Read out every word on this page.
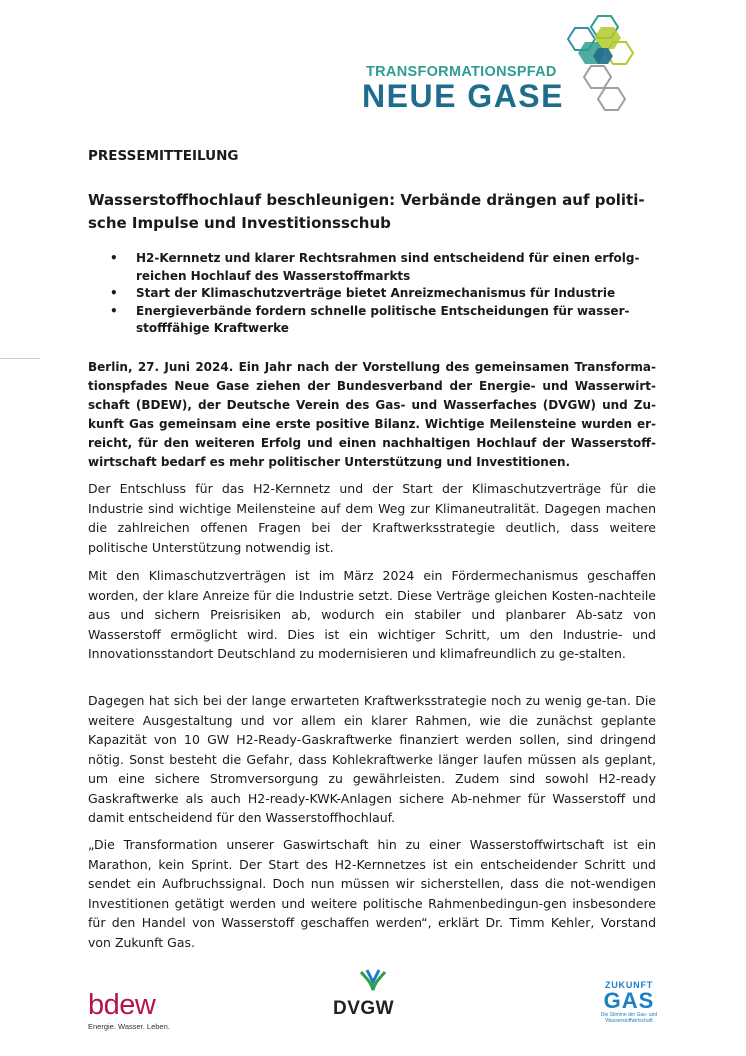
TRANSFORMATIONSPFAD
NEUE GASE
PRESSEMITTEILUNG
Wasserstoffhochlauf beschleunigen: Verbände drängen auf politi-
sche Impulse und Investitionsschub
• H2-Kernnetz und klarer Rechtsrahmen sind entscheidend für einen erfolg-
reichen Hochlauf des Wasserstoffmarkts
• Start der Klimaschutzverträge bietet Anreizmechanismus für Industrie
• Energieverbände fordern schnelle politische Entscheidungen für wasser-
stofffähige Kraftwerke

Berlin, 27. Juni 2024. Ein Jahr nach der Vorstellung des gemeinsamen Transforma-tionspfades Neue Gase ziehen der Bundesverband der Energie- und Wasserwirt-schaft (BDEW), der Deutsche Verein des Gas- und Wasserfaches (DVGW) und Zu-kunft Gas gemeinsam eine erste positive Bilanz. Wichtige Meilensteine wurden er-reicht, für den weiteren Erfolg und einen nachhaltigen Hochlauf der Wasserstoff-wirtschaft bedarf es mehr politischer Unterstützung und Investitionen.

Der Entschluss für das H2-Kernnetz und der Start der Klimaschutzverträge für die Industrie sind wichtige Meilensteine auf dem Weg zur Klimaneutralität. Dagegen machen die zahlreichen offenen Fragen bei der Kraftwerksstrategie deutlich, dass weitere politische Unterstützung notwendig ist.

Mit den Klimaschutzverträgen ist im März 2024 ein Fördermechanismus geschaffen worden, der klare Anreize für die Industrie setzt. Diese Verträge gleichen Kosten-nachteile aus und sichern Preisrisiken ab, wodurch ein stabiler und planbarer Ab-satz von Wasserstoff ermöglicht wird. Dies ist ein wichtiger Schritt, um den Industrie- und Innovationsstandort Deutschland zu modernisieren und klimafreundlich zu ge-stalten.

Dagegen hat sich bei der lange erwarteten Kraftwerksstrategie noch zu wenig ge-tan. Die weitere Ausgestaltung und vor allem ein klarer Rahmen, wie die zunächst geplante Kapazität von 10 GW H2-Ready-Gaskraftwerke finanziert werden sollen, sind dringend nötig. Sonst besteht die Gefahr, dass Kohlekraftwerke länger laufen müssen als geplant, um eine sichere Stromversorgung zu gewährleisten. Zudem sind sowohl H2-ready Gaskraftwerke als auch H2-ready-KWK-Anlagen sichere Ab-nehmer für Wasserstoff und damit entscheidend für den Wasserstoffhochlauf.

„Die Transformation unserer Gaswirtschaft hin zu einer Wasserstoffwirtschaft ist ein Marathon, kein Sprint. Der Start des H2-Kernnetzes ist ein entscheidender Schritt und sendet ein Aufbruchssignal. Doch nun müssen wir sicherstellen, dass die not-wendigen Investitionen getätigt werden und weitere politische Rahmenbedingun-gen insbesondere für den Handel von Wasserstoff geschaffen werden“, erklärt Dr. Timm Kehler, Vorstand von Zukunft Gas.

bdew
Energie. Wasser. Leben.
DVGW
ZUKUNFT
GAS
Die Stimme der Gas- und Wasserstoffwirtschaft
